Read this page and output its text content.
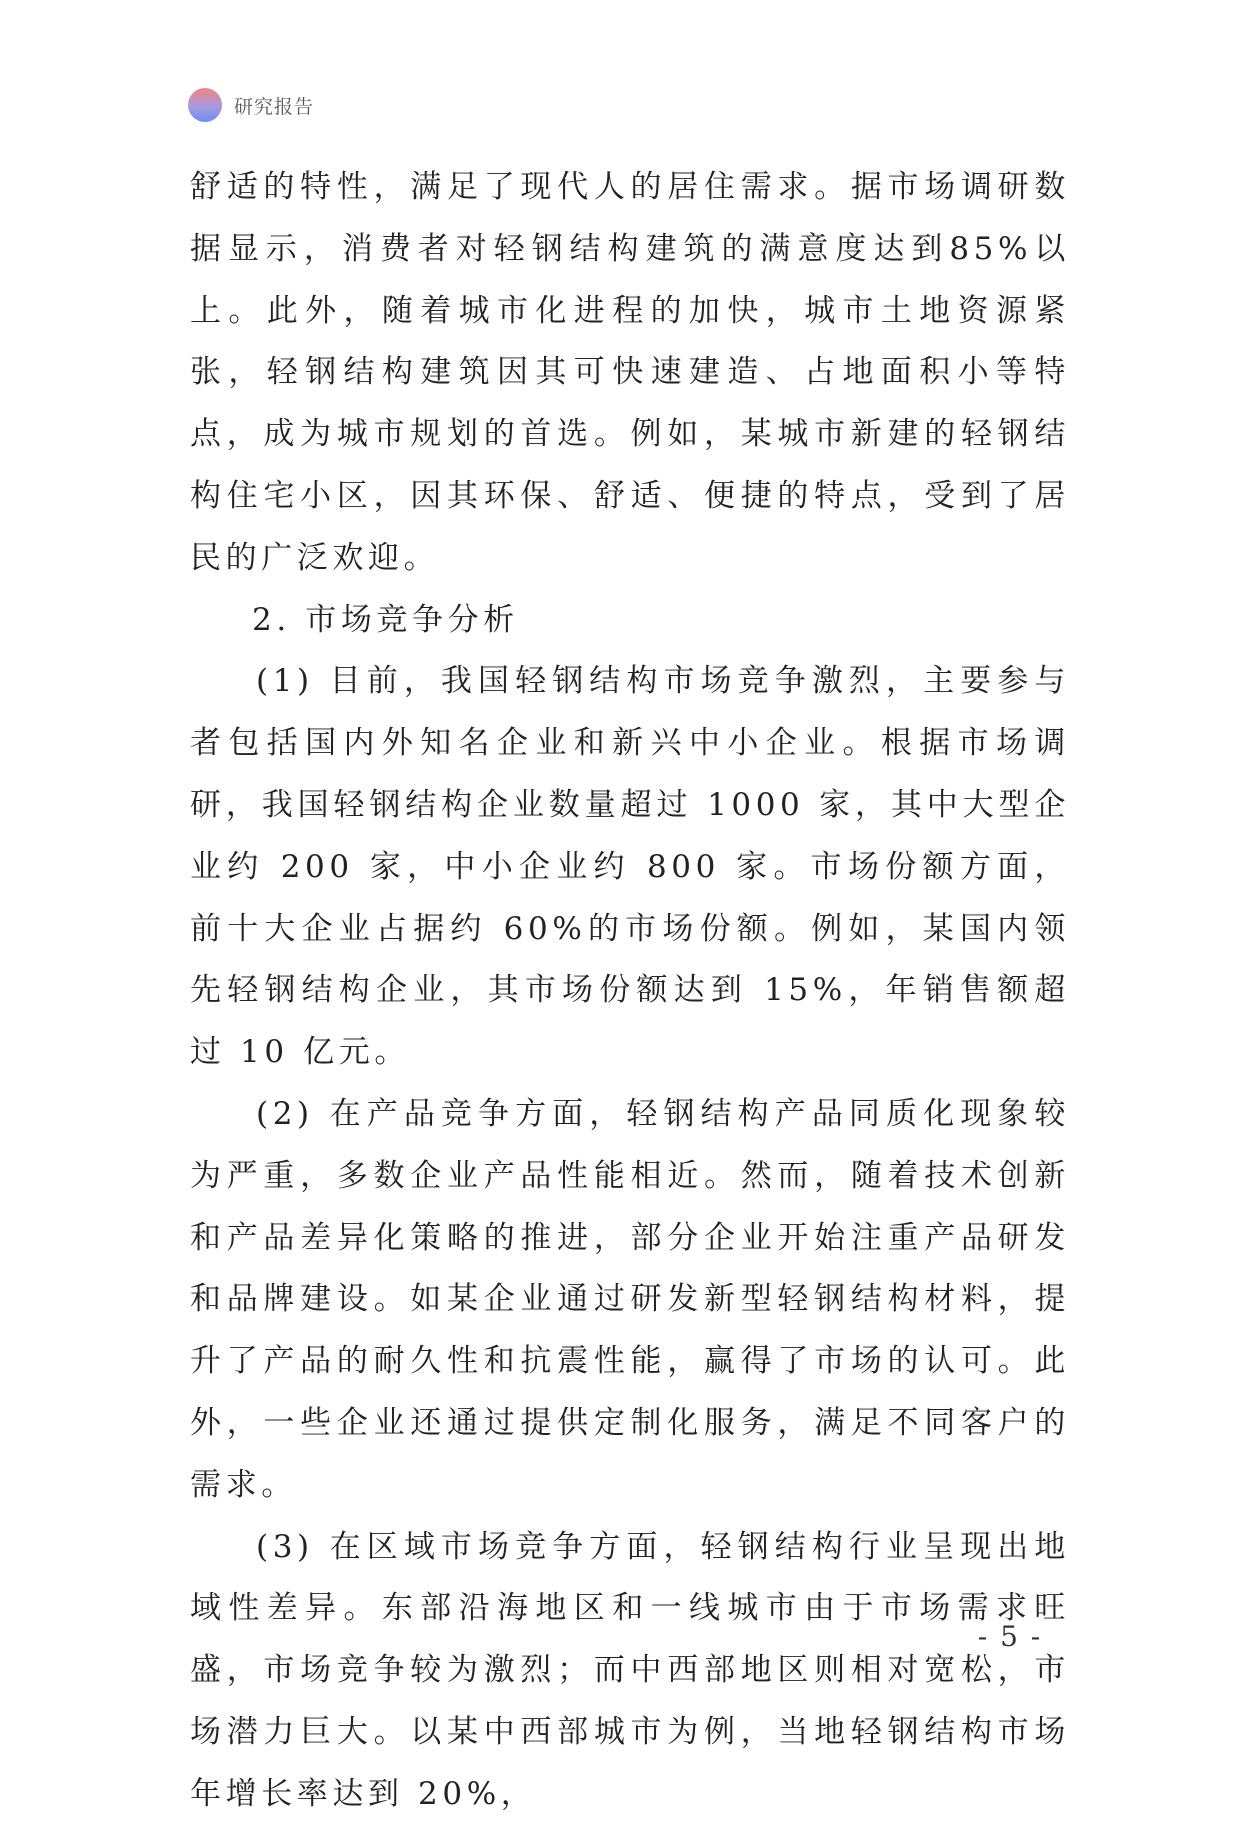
研究报告

舒适的特性，满足了现代人的居住需求。据市场调研数据显示，消费者对轻钢结构建筑的满意度达到85%以上。此外，随着城市化进程的加快，城市土地资源紧张，轻钢结构建筑因其可快速建造、占地面积小等特点，成为城市规划的首选。例如，某城市新建的轻钢结构住宅小区，因其环保、舒适、便捷的特点，受到了居民的广泛欢迎。

2. 市场竞争分析

(1) 目前，我国轻钢结构市场竞争激烈，主要参与者包括国内外知名企业和新兴中小企业。根据市场调研，我国轻钢结构企业数量超过 1000 家，其中大型企业约 200 家，中小企业约 800 家。市场份额方面，前十大企业占据约 60%的市场份额。例如，某国内领先轻钢结构企业，其市场份额达到 15%，年销售额超过 10 亿元。

(2) 在产品竞争方面，轻钢结构产品同质化现象较为严重，多数企业产品性能相近。然而，随着技术创新和产品差异化策略的推进，部分企业开始注重产品研发和品牌建设。如某企业通过研发新型轻钢结构材料，提升了产品的耐久性和抗震性能，赢得了市场的认可。此外，一些企业还通过提供定制化服务，满足不同客户的需求。

(3) 在区域市场竞争方面，轻钢结构行业呈现出地域性差异。东部沿海地区和一线城市由于市场需求旺盛，市场竞争较为激烈；而中西部地区则相对宽松，市场潜力巨大。以某中西部城市为例，当地轻钢结构市场年增长率达到 20%，

- 5 -
